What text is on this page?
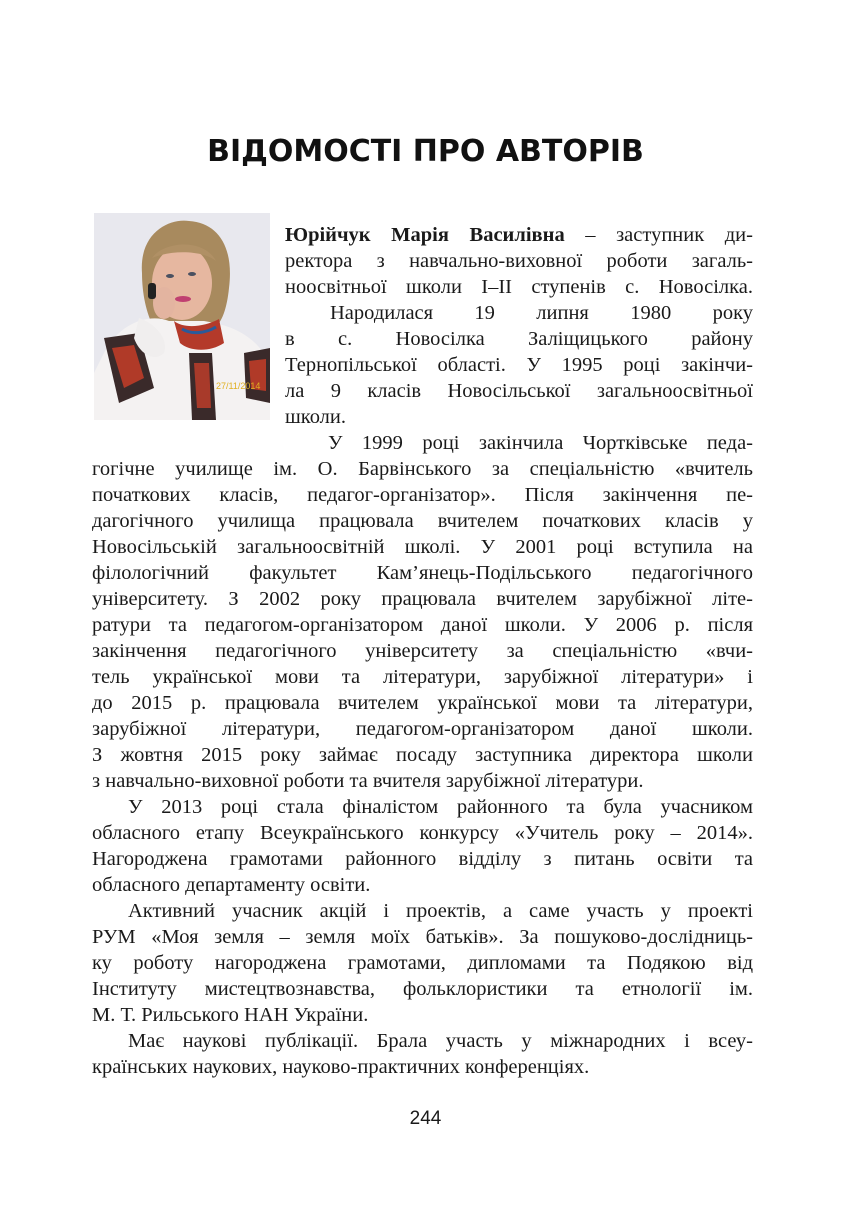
ВІДОМОСТІ ПРО АВТОРІВ
27/11/2014
Юрійчук Марія Василівна – заступник ди-
ректора з навчально-виховної роботи загаль-
ноосвітньої школи І–ІІ ступенів с. Новосілка.
Народилася 19 липня 1980 року
в с. Новосілка Заліщицького району
Тернопільської області. У 1995 році закінчи-
ла 9 класів Новосільської загальноосвітньої
школи.
У 1999 році закінчила Чортківське педа-
гогічне училище ім. О. Барвінського за спеціальністю «вчитель
початкових класів, педагог-організатор». Після закінчення пе-
дагогічного училища працювала вчителем початкових класів у
Новосільській загальноосвітній школі. У 2001 році вступила на
філологічний факультет Кам’янець-Подільського педагогічного
університету. З 2002 року працювала вчителем зарубіжної літе-
ратури та педагогом-організатором даної школи. У 2006 р. після
закінчення педагогічного університету за спеціальністю «вчи-
тель української мови та літератури, зарубіжної літератури» і
до 2015 р. працювала вчителем української мови та літератури,
зарубіжної літератури, педагогом-організатором даної школи.
З жовтня 2015 року займає посаду заступника директора школи
з навчально-виховної роботи та вчителя зарубіжної літератури.
У 2013 році стала фіналістом районного та була учасником
обласного етапу Всеукраїнського конкурсу «Учитель року – 2014».
Нагороджена грамотами районного відділу з питань освіти та
обласного департаменту освіти.
Активний учасник акцій і проектів, а саме участь у проекті
РУМ «Моя земля – земля моїх батьків». За пошуково-дослідниць-
ку роботу нагороджена грамотами, дипломами та Подякою від
Інституту мистецтвознавства, фольклористики та етнології ім.
М. Т. Рильського НАН України.
Має наукові публікації. Брала участь у міжнародних і всеу-
країнських наукових, науково-практичних конференціях.
244
